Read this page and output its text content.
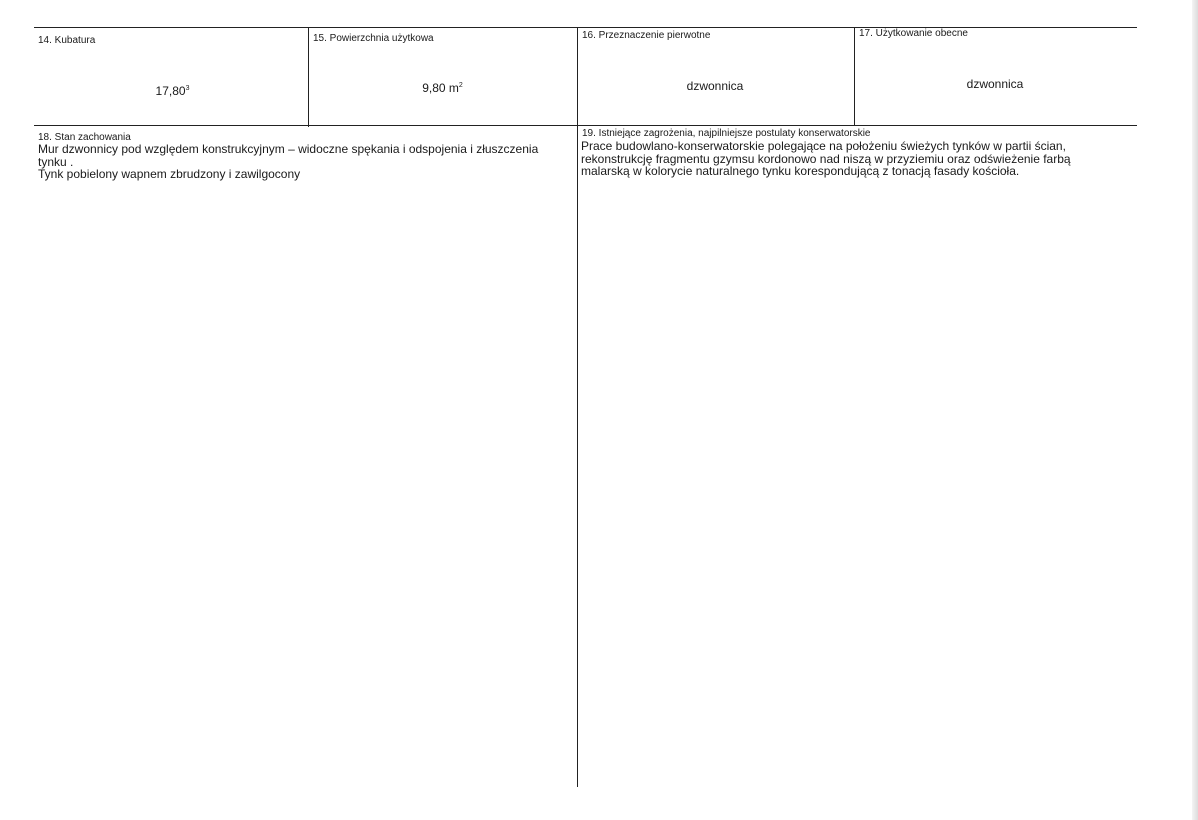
14. Kubatura
17,80$^3$
15. Powierzchnia użytkowa
9,80 $m^2$
16. Przeznaczenie pierwotne
dzwonnica
17. Użytkowanie obecne
dzwonnica
18. Stan zachowania

Mur dzwonnicy pod względem konstrukcyjnym – widoczne spękania i odspojenia i złuszczenia tynku .

Tynk pobielony wapnem zbrudzony i zawilgocony

19. Istniejące zagrożenia, najpilniejsze postulaty konserwatorskie
Prace budowlano-konserwatorskie polegające na położeniu świeżych tynków w partii ścian, rekonstrukcję fragmentu gzymsu kordonowo nad niszą w przyziemiu oraz odświeżenie farbą malarską w kolorycie naturalnego tynku korespondującą z tonacją fasady kościoła.
